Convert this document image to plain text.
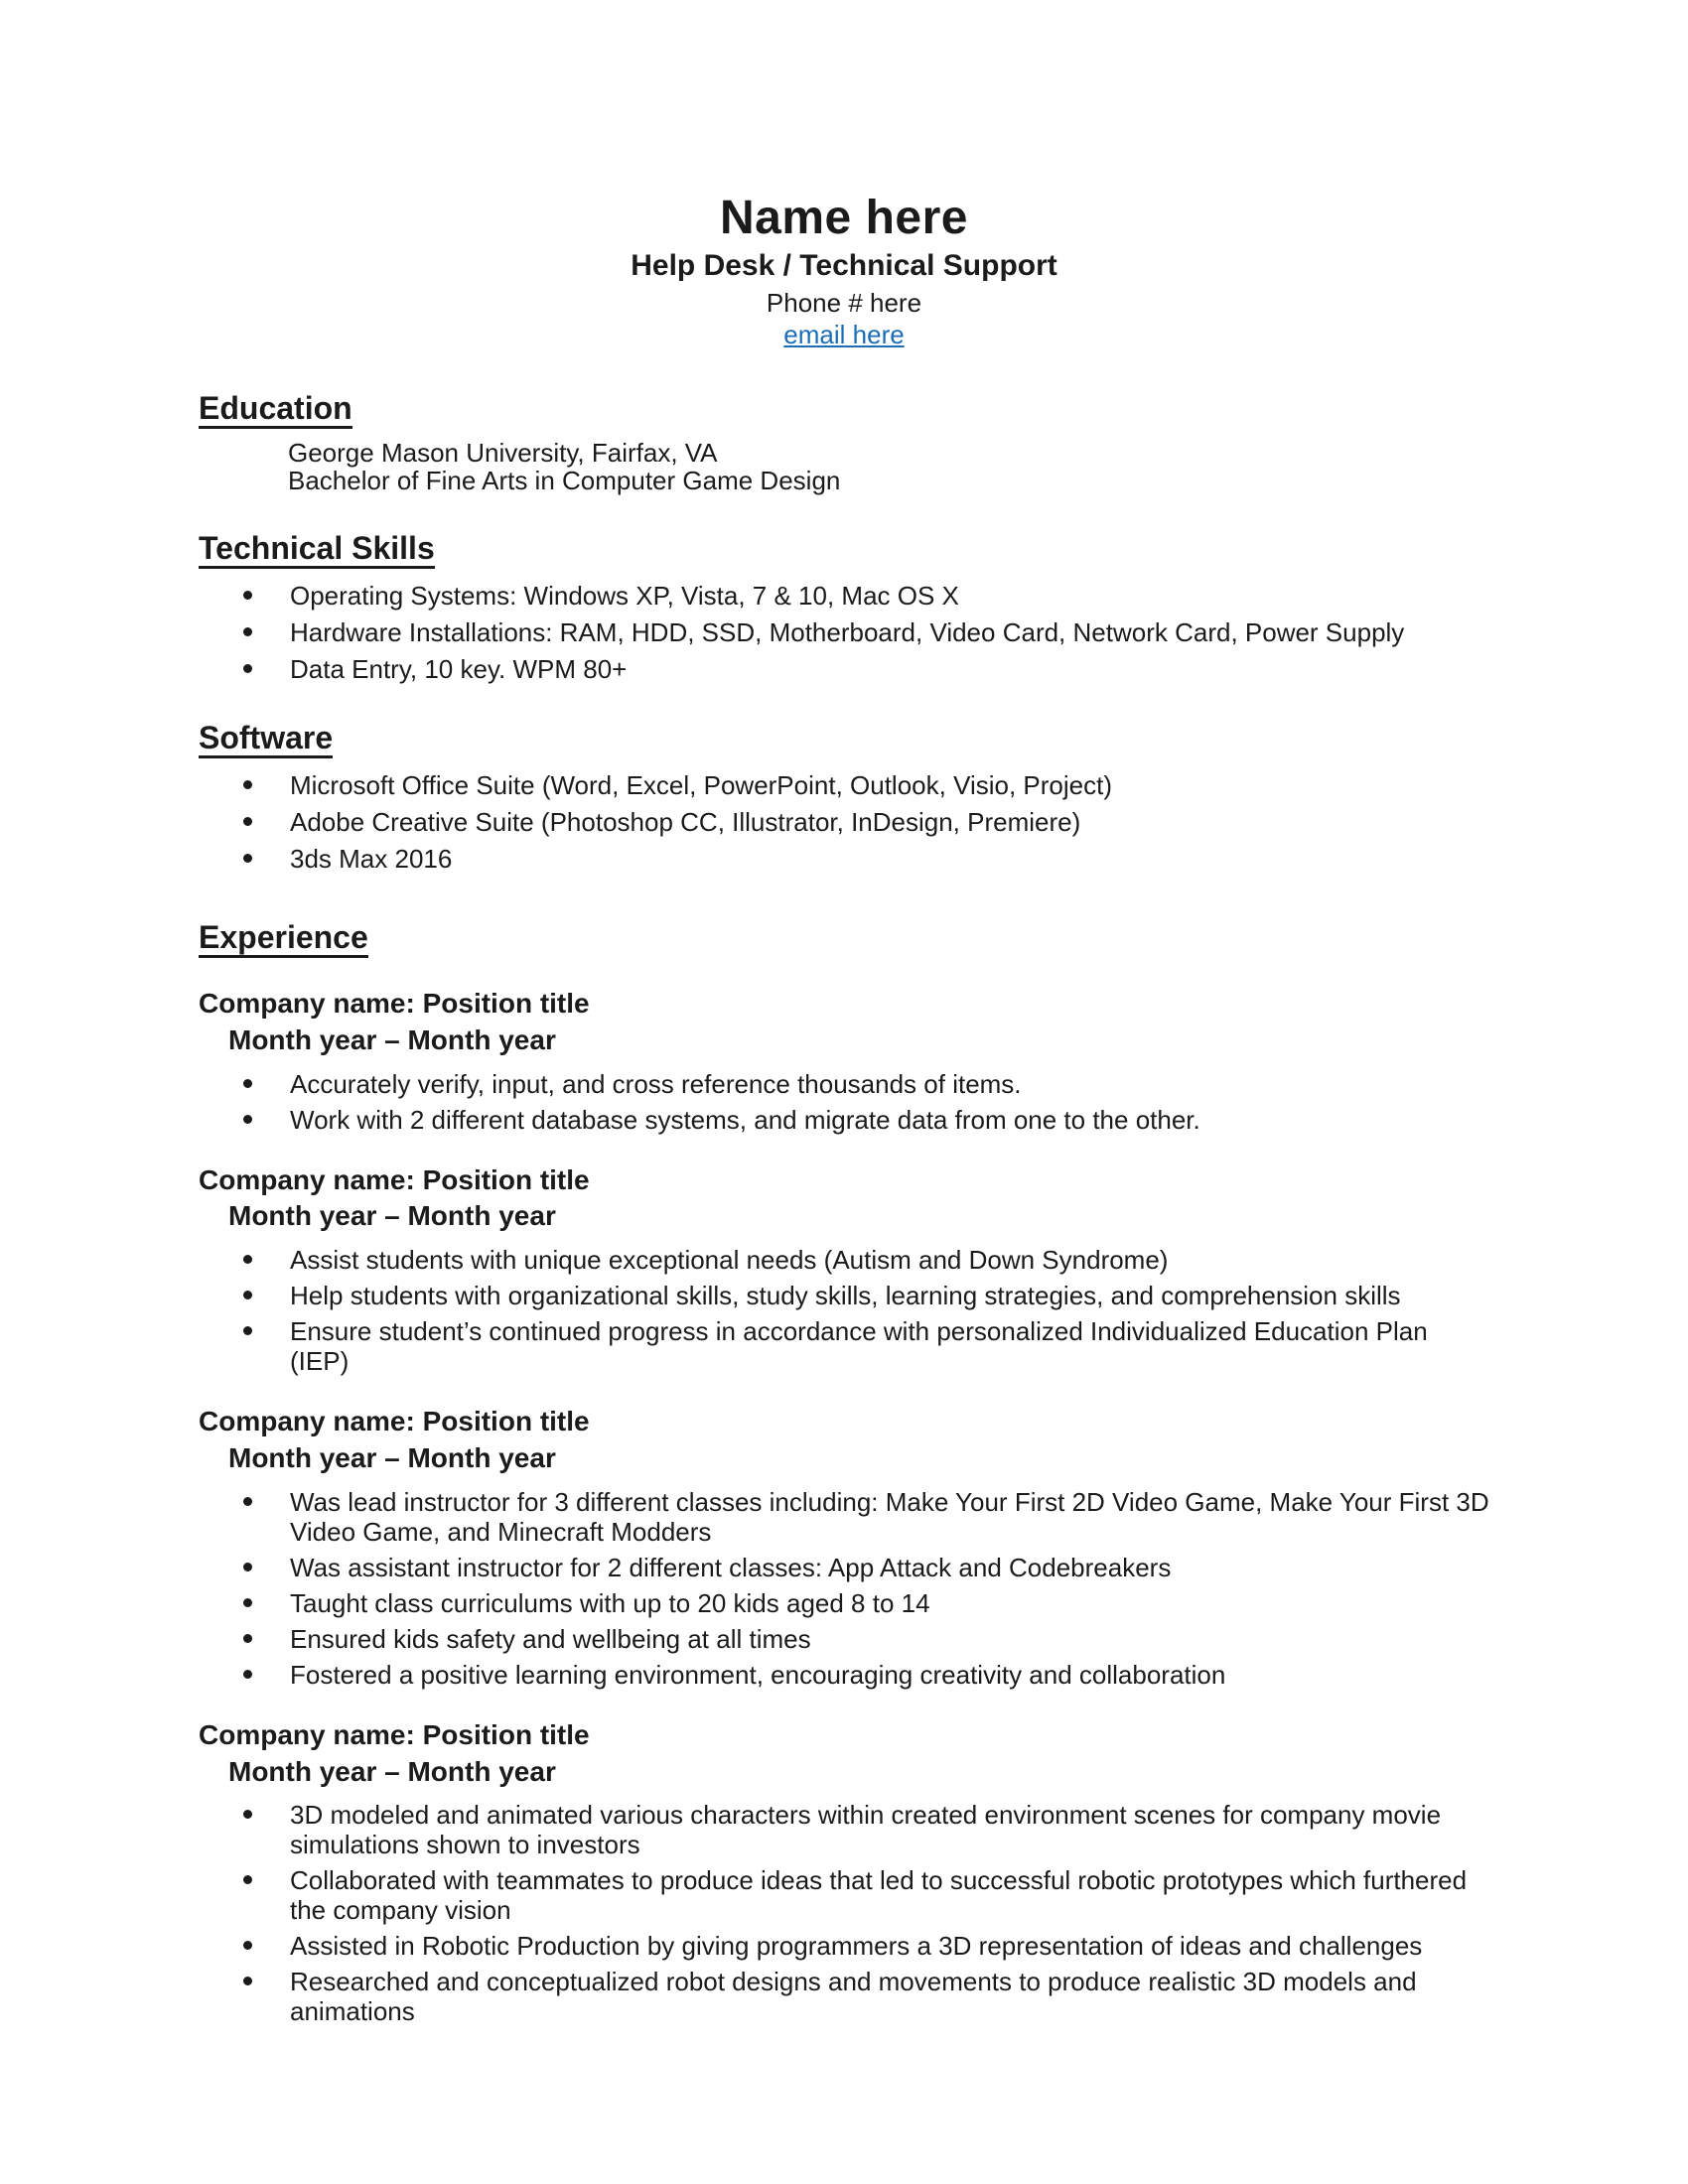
Name here
Help Desk / Technical Support
Phone # here
email here
Education
George Mason University, Fairfax, VA
Bachelor of Fine Arts in Computer Game Design
Technical Skills
Operating Systems: Windows XP, Vista, 7 & 10, Mac OS X
Hardware Installations: RAM, HDD, SSD, Motherboard, Video Card, Network Card, Power Supply
Data Entry, 10 key. WPM 80+
Software
Microsoft Office Suite (Word, Excel, PowerPoint, Outlook, Visio, Project)
Adobe Creative Suite (Photoshop CC, Illustrator, InDesign, Premiere)
3ds Max 2016
Experience
Company name: Position title
Month year – Month year
Accurately verify, input, and cross reference thousands of items.
Work with 2 different database systems, and migrate data from one to the other.
Company name: Position title
Month year – Month year
Assist students with unique exceptional needs (Autism and Down Syndrome)
Help students with organizational skills, study skills, learning strategies, and comprehension skills
Ensure student’s continued progress in accordance with personalized Individualized Education Plan (IEP)
Company name: Position title
Month year – Month year
Was lead instructor for 3 different classes including: Make Your First 2D Video Game, Make Your First 3D Video Game, and Minecraft Modders
Was assistant instructor for 2 different classes: App Attack and Codebreakers
Taught class curriculums with up to 20 kids aged 8 to 14
Ensured kids safety and wellbeing at all times
Fostered a positive learning environment, encouraging creativity and collaboration
Company name: Position title
Month year – Month year
3D modeled and animated various characters within created environment scenes for company movie simulations shown to investors
Collaborated with teammates to produce ideas that led to successful robotic prototypes which furthered the company vision
Assisted in Robotic Production by giving programmers a 3D representation of ideas and challenges
Researched and conceptualized robot designs and movements to produce realistic 3D models and animations
